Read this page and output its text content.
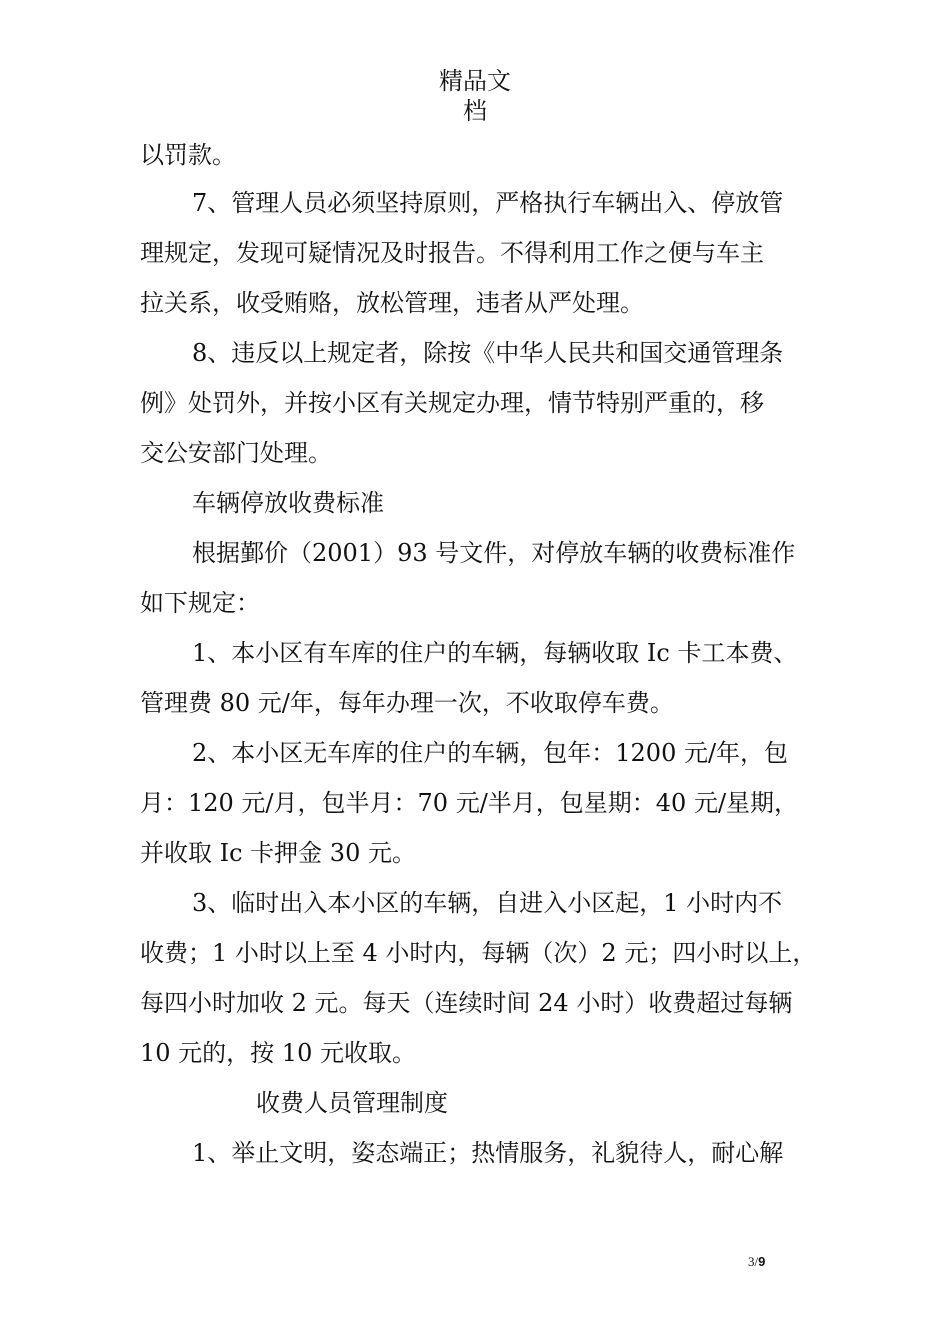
精品文
档
以罚款。
7、管理人员必须坚持原则，严格执行车辆出入、停放管
理规定，发现可疑情况及时报告。不得利用工作之便与车主
拉关系，收受贿赂，放松管理，违者从严处理。
8、违反以上规定者，除按《中华人民共和国交通管理条
例》处罚外，并按小区有关规定办理，情节特别严重的，移
交公安部门处理。
车辆停放收费标准
根据鄞价（2001）93 号文件，对停放车辆的收费标准作
如下规定：
1、本小区有车库的住户的车辆，每辆收取 Ic 卡工本费、
管理费 80 元/年，每年办理一次，不收取停车费。
2、本小区无车库的住户的车辆，包年：1200 元/年，包
月：120 元/月，包半月：70 元/半月，包星期：40 元/星期，
并收取 Ic 卡押金 30 元。
3、临时出入本小区的车辆，自进入小区起，1 小时内不
收费；1 小时以上至 4 小时内，每辆（次）2 元；四小时以上，
每四小时加收 2 元。每天（连续时间 24 小时）收费超过每辆
10 元的，按 10 元收取。
收费人员管理制度
1、举止文明，姿态端正；热情服务，礼貌待人，耐心解
3/9
